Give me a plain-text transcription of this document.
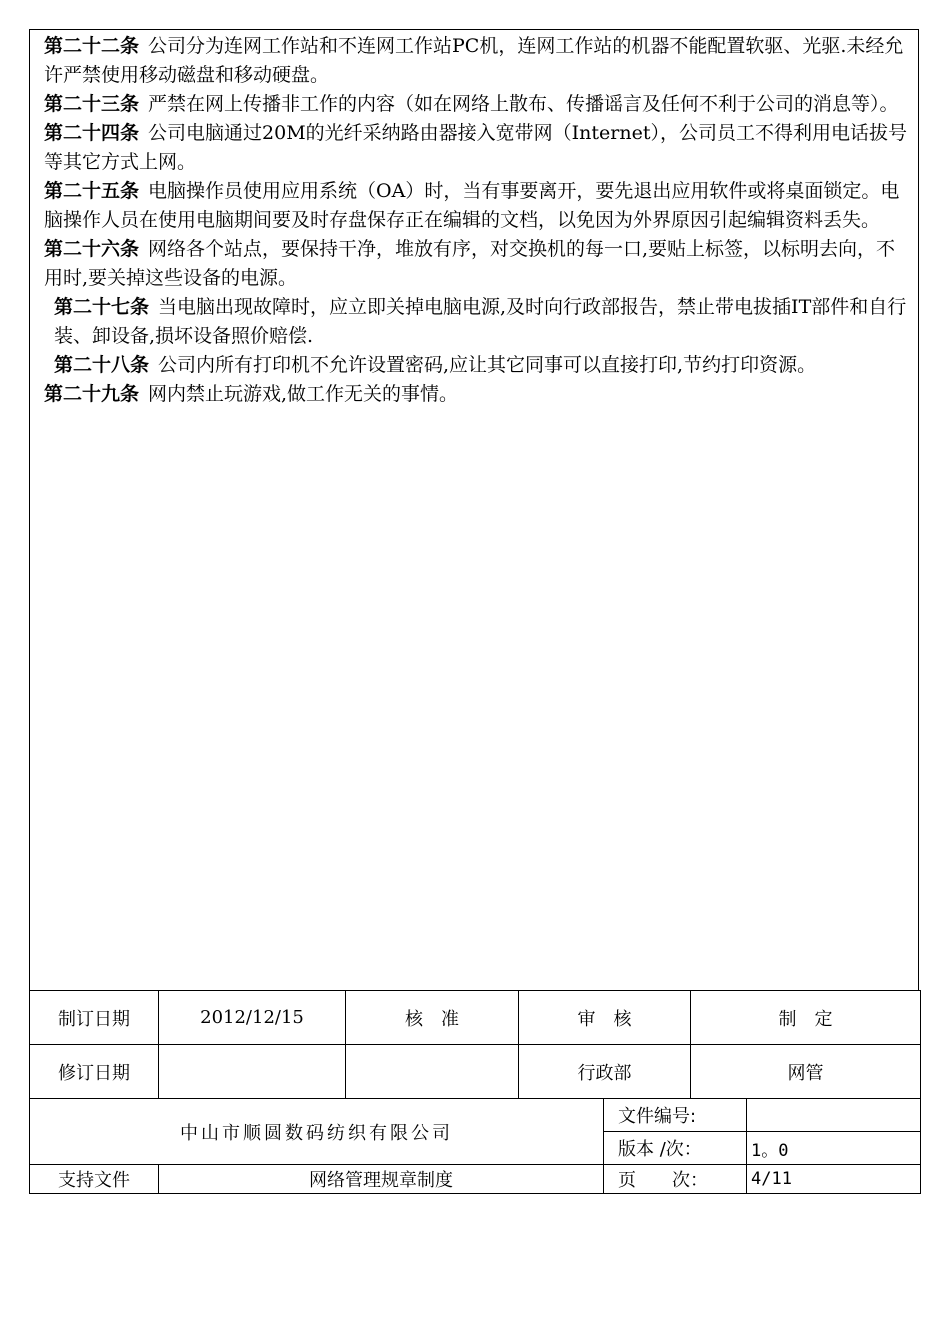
第二十二条 公司分为连网工作站和不连网工作站PC机，连网工作站的机器不能配置软驱、光驱.未经允许严禁使用移动磁盘和移动硬盘。

第二十三条 严禁在网上传播非工作的内容（如在网络上散布、传播谣言及任何不利于公司的消息等）。

第二十四条 公司电脑通过20M的光纤采纳路由器接入宽带网（Internet），公司员工不得利用电话拔号等其它方式上网。

第二十五条 电脑操作员使用应用系统（OA）时，当有事要离开，要先退出应用软件或将桌面锁定。电脑操作人员在使用电脑期间要及时存盘保存正在编辑的文档，以免因为外界原因引起编辑资料丢失。

第二十六条 网络各个站点，要保持干净，堆放有序，对交换机的每一口,要贴上标签，以标明去向，不用时,要关掉这些设备的电源。

第二十七条 当电脑出现故障时，应立即关掉电脑电源,及时向行政部报告，禁止带电拔插IT部件和自行装、卸设备,损坏设备照价赔偿.

第二十八条 公司内所有打印机不允许设置密码,应让其它同事可以直接打印,节约打印资源。

第二十九条 网内禁止玩游戏,做工作无关的事情。

制订日期	2012/12/15	核　准	审　核	制　定
修订日期			行政部	网管
中山市顺圆数码纺织有限公司		文件编号:	
		版本 /次：	1。0
支持文件	网络管理规章制度	页　　次：	4/11
